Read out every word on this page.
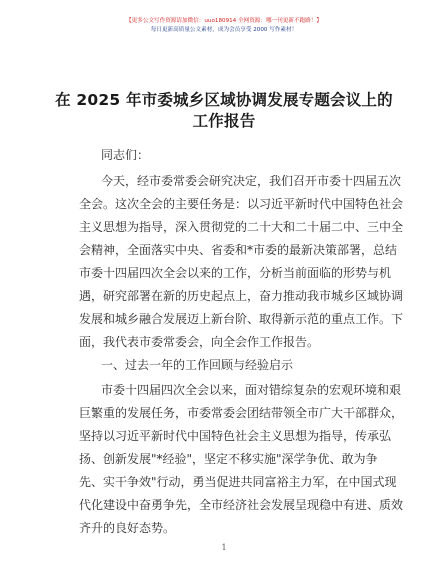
【更多公文写作资源请加微信：uuo180914 全网资源：哪一刊更新不跑路！】
每日更新高质量公文素材，成为会员享受 2000 写作素材！
在 2025 年市委城乡区域协调发展专题会议上的
工作报告
同志们：
今天，经市委常委会研究决定，我们召开市委十四届五次
全会。这次全会的主要任务是：以习近平新时代中国特色社会
主义思想为指导，深入贯彻党的二十大和二十届二中、三中全
会精神，全面落实中央、省委和*市委的最新决策部署，总结
市委十四届四次全会以来的工作，分析当前面临的形势与机
遇，研究部署在新的历史起点上，奋力推动我市城乡区域协调
发展和城乡融合发展迈上新台阶、取得新示范的重点工作。下
面，我代表市委常委会，向全会作工作报告。
一、过去一年的工作回顾与经验启示
市委十四届四次全会以来，面对错综复杂的宏观环境和艰
巨繁重的发展任务，市委常委会团结带领全市广大干部群众，
坚持以习近平新时代中国特色社会主义思想为指导，传承弘
扬、创新发展"*经验"，坚定不移实施"深学争优、敢为争
先、实干争效"行动，勇当促进共同富裕主力军，在中国式现
代化建设中奋勇争先，全市经济社会发展呈现稳中有进、质效
齐升的良好态势。
1
